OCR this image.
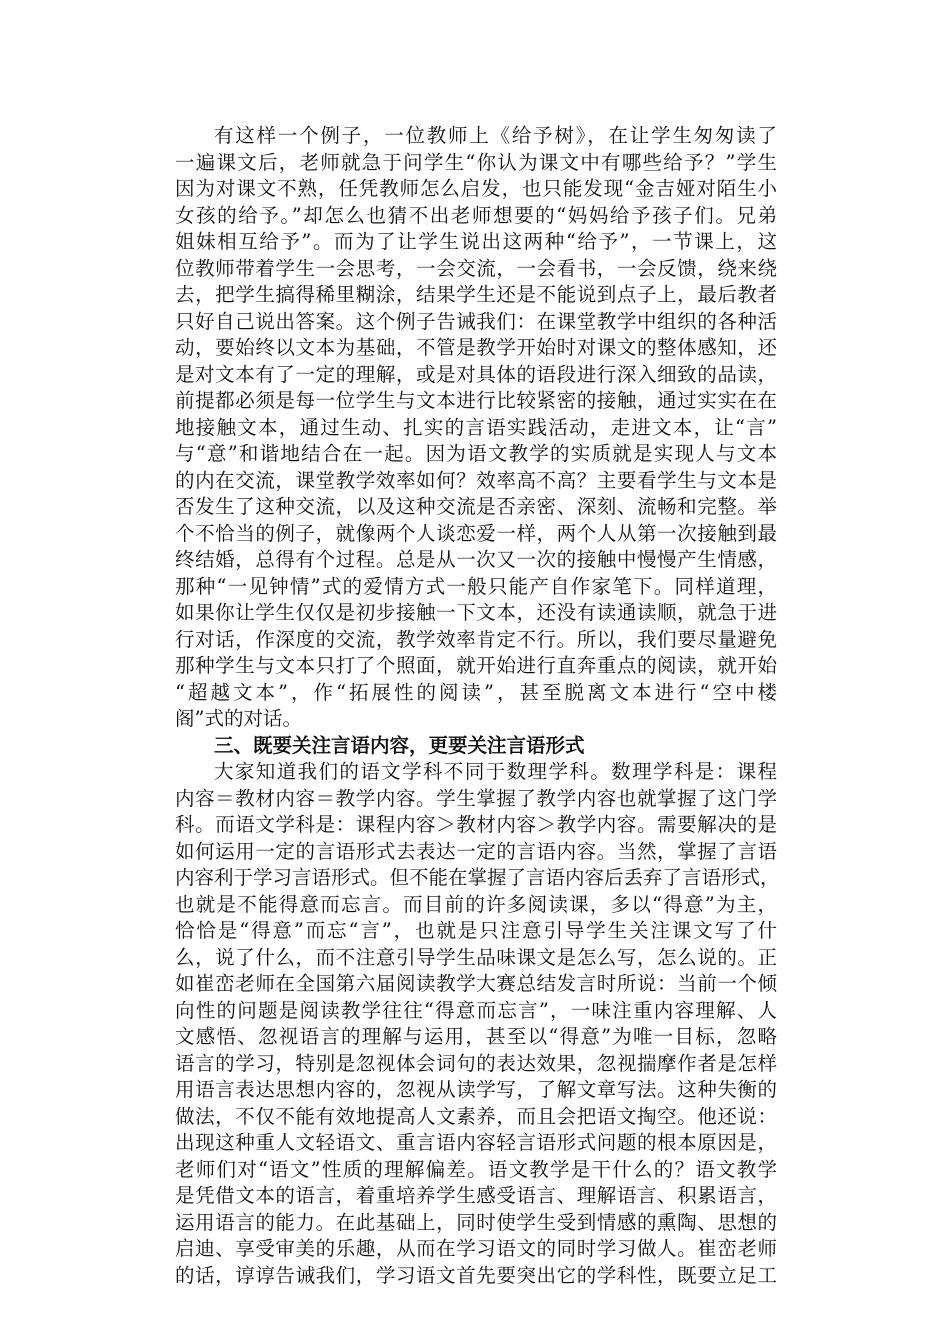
有这样一个例子，一位教师上《给予树》，在让学生匆匆读了
一遍课文后，老师就急于问学生“你认为课文中有哪些给予？”学生
因为对课文不熟，任凭教师怎么启发，也只能发现“金吉娅对陌生小
女孩的给予。”却怎么也猜不出老师想要的“妈妈给予孩子们。兄弟
姐妹相互给予”。而为了让学生说出这两种“给予”，一节课上，这
位教师带着学生一会思考，一会交流，一会看书，一会反馈，绕来绕
去，把学生搞得稀里糊涂，结果学生还是不能说到点子上，最后教者
只好自己说出答案。这个例子告诫我们：在课堂教学中组织的各种活
动，要始终以文本为基础，不管是教学开始时对课文的整体感知，还
是对文本有了一定的理解，或是对具体的语段进行深入细致的品读，
前提都必须是每一位学生与文本进行比较紧密的接触，通过实实在在
地接触文本，通过生动、扎实的言语实践活动，走进文本，让“言”
与“意”和谐地结合在一起。因为语文教学的实质就是实现人与文本
的内在交流，课堂教学效率如何？效率高不高？主要看学生与文本是
否发生了这种交流，以及这种交流是否亲密、深刻、流畅和完整。举
个不恰当的例子，就像两个人谈恋爱一样，两个人从第一次接触到最
终结婚，总得有个过程。总是从一次又一次的接触中慢慢产生情感，
那种“一见钟情”式的爱情方式一般只能产自作家笔下。同样道理，
如果你让学生仅仅是初步接触一下文本，还没有读通读顺，就急于进
行对话，作深度的交流，教学效率肯定不行。所以，我们要尽量避免
那种学生与文本只打了个照面，就开始进行直奔重点的阅读，就开始
“超越文本”，作“拓展性的阅读”，甚至脱离文本进行“空中楼
阁”式的对话。
三、既要关注言语内容，更要关注言语形式
大家知道我们的语文学科不同于数理学科。数理学科是：课程
内容＝教材内容＝教学内容。学生掌握了教学内容也就掌握了这门学
科。而语文学科是：课程内容＞教材内容＞教学内容。需要解决的是
如何运用一定的言语形式去表达一定的言语内容。当然，掌握了言语
内容利于学习言语形式。但不能在掌握了言语内容后丢弃了言语形式，
也就是不能得意而忘言。而目前的许多阅读课，多以“得意”为主，
恰恰是“得意”而忘“言”，也就是只注意引导学生关注课文写了什
么，说了什么，而不注意引导学生品味课文是怎么写，怎么说的。正
如崔峦老师在全国第六届阅读教学大赛总结发言时所说：当前一个倾
向性的问题是阅读教学往往“得意而忘言”，一味注重内容理解、人
文感悟、忽视语言的理解与运用，甚至以“得意”为唯一目标，忽略
语言的学习，特别是忽视体会词句的表达效果，忽视揣摩作者是怎样
用语言表达思想内容的，忽视从读学写，了解文章写法。这种失衡的
做法，不仅不能有效地提高人文素养，而且会把语文掏空。他还说：
出现这种重人文轻语文、重言语内容轻言语形式问题的根本原因是，
老师们对“语文”性质的理解偏差。语文教学是干什么的？语文教学
是凭借文本的语言，着重培养学生感受语言、理解语言、积累语言，
运用语言的能力。在此基础上，同时使学生受到情感的熏陶、思想的
启迪、享受审美的乐趣，从而在学习语文的同时学习做人。崔峦老师
的话，谆谆告诫我们，学习语文首先要突出它的学科性，既要立足工
